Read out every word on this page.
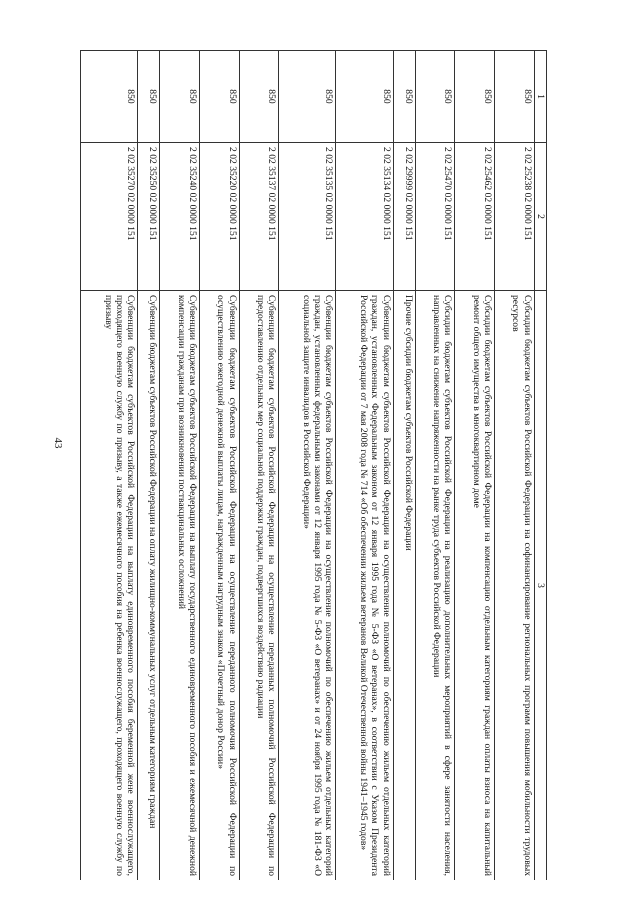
43
1	2	3
850	2 02 25238 02 0000 151	Субсидии бюджетам субъектов Российской Федерации на софинансирование региональных программ повышения мобильности трудовых ресурсов
850	2 02 25462 02 0000 151	Субсидии бюджетам субъектов Российской Федерации на компенсацию отдельным категориям граждан оплаты взноса на капитальный ремонт общего имущества в многоквартирном доме
850	2 02 25470 02 0000 151	Субсидии бюджетам субъектов Российской Федерации на реализацию дополнительных мероприятий в сфере занятости населения, направленных на снижение напряженности на рынке труда субъектов Российской Федерации
850	2 02 29999 02 0000 151	Прочие субсидии бюджетам субъектов Российской Федерации
850	2 02 35134 02 0000 151	Субвенции бюджетам субъектов Российской Федерации на осуществление полномочий по обеспечению жильем отдельных категорий граждан, установленных Федеральным законом от 12 января 1995 года № 5-ФЗ «О ветеранах», в соответствии с Указом Президента Российской Федерации от 7 мая 2008 года № 714 «Об обеспечении жильем ветеранов Великой Отечественной войны 1941–1945 годов»
850	2 02 35135 02 0000 151	Субвенции бюджетам субъектов Российской Федерации на осуществление полномочий по обеспечению жильем отдельных категорий граждан, установленных федеральными законами от 12 января 1995 года № 5-ФЗ «О ветеранах» и от 24 ноября 1995 года № 181-ФЗ «О социальной защите инвалидов в Российской Федерации»
850	2 02 35137 02 0000 151	Субвенции бюджетам субъектов Российской Федерации на осуществление переданных полномочий Российской Федерации по предоставлению отдельных мер социальной поддержки граждан, подвергшихся воздействию радиации
850	2 02 35220 02 0000 151	Субвенции бюджетам субъектов Российской Федерации на осуществление переданного полномочия Российской Федерации по осуществлению ежегодной денежной выплаты лицам, награжденным нагрудным знаком «Почетный донор России»
850	2 02 35240 02 0000 151	Субвенции бюджетам субъектов Российской Федерации на выплату государственного единовременного пособия и ежемесячной денежной компенсации гражданам при возникновении поствакцинальных осложнений
850	2 02 35250 02 0000 151	Субвенции бюджетам субъектов Российской Федерации на оплату жилищно-коммунальных услуг отдельным категориям граждан
850	2 02 35270 02 0000 151	Субвенции бюджетам субъектов Российской Федерации на выплату единовременного пособия беременной жене военнослужащего, проходящего военную службу по призыву, а также ежемесячного пособия на ребенка военнослужащего, проходящего военную службу по призыву
